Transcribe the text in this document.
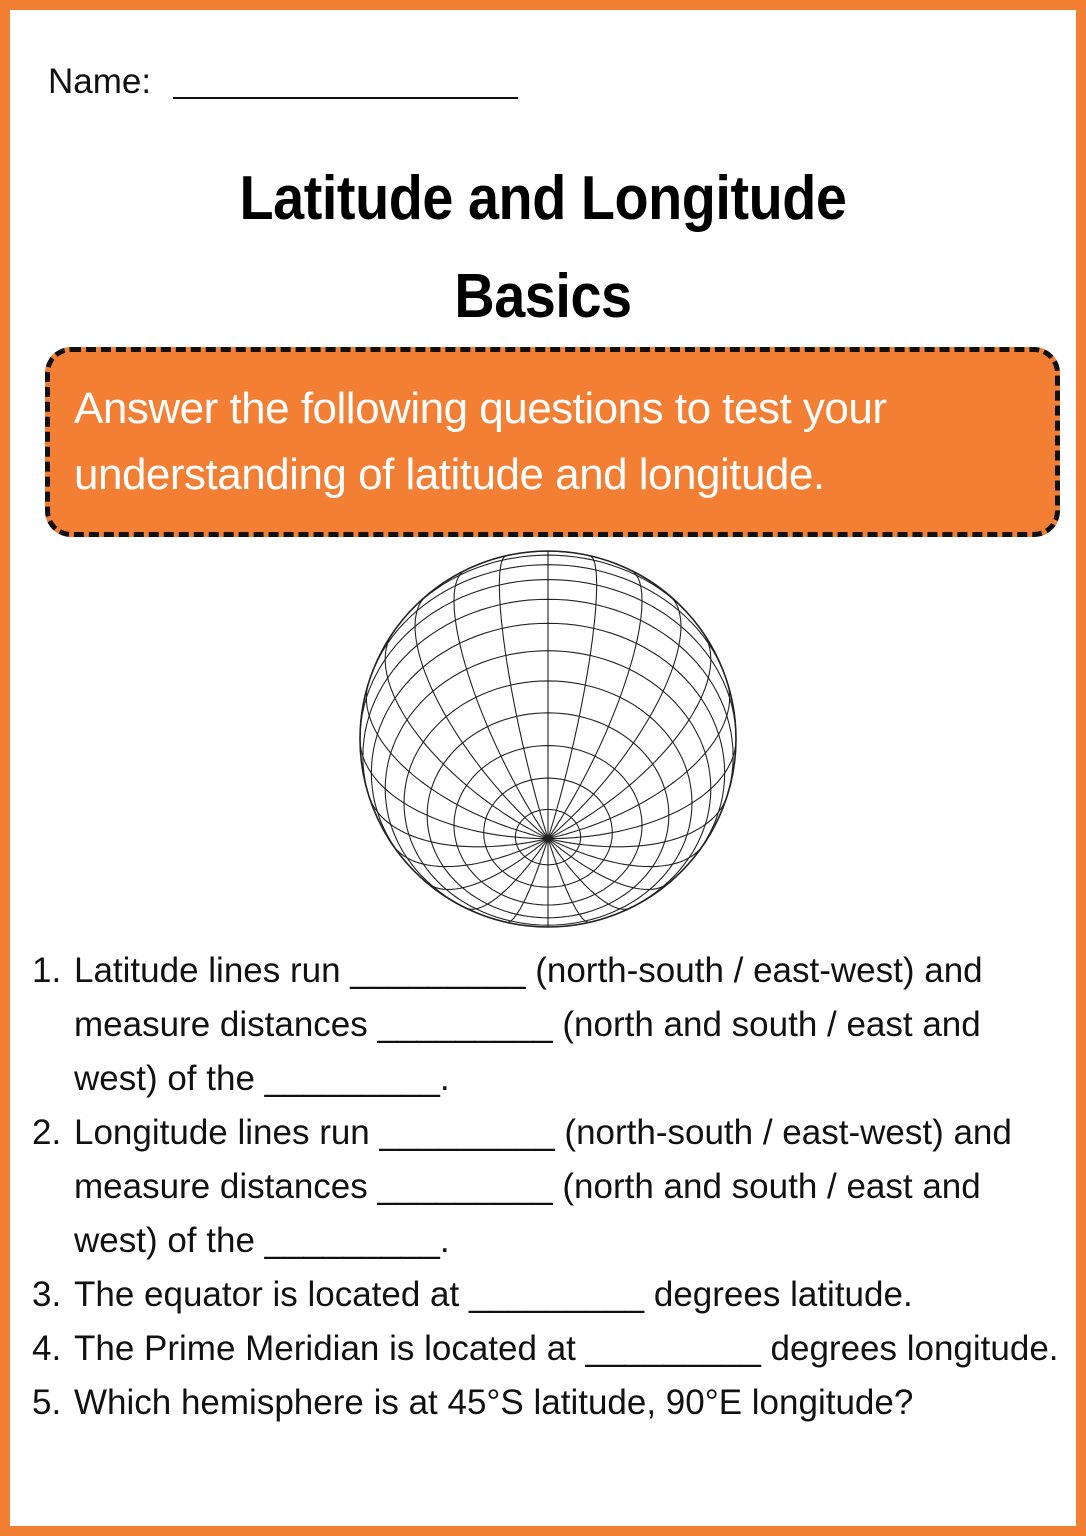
Name:
Latitude and Longitude
Basics
Answer the following questions to test your understanding of latitude and longitude.
1. Latitude lines run _________ (north-south / east-west) and measure distances _________ (north and south / east and west) of the _________.
2. Longitude lines run _________ (north-south / east-west) and measure distances _________ (north and south / east and west) of the _________.
3. The equator is located at _________ degrees latitude.
4. The Prime Meridian is located at _________ degrees longitude.
5. Which hemisphere is at 45°S latitude, 90°E longitude?
